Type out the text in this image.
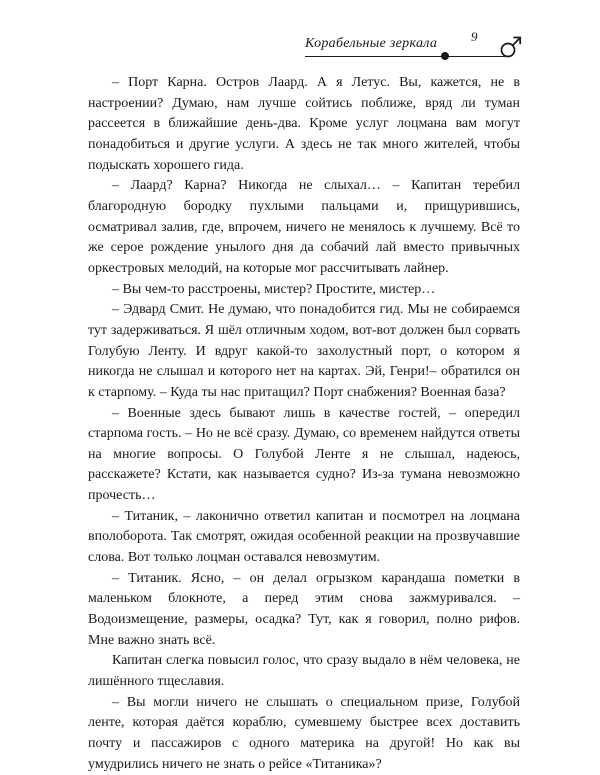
Корабельные зеркала	9

– Порт Карна. Остров Лаард. А я Летус. Вы, кажется, не в настроении? Думаю, нам лучше сойтись поближе, вряд ли туман рассеется в ближайшие день-два. Кроме услуг лоцмана вам могут понадобиться и другие услуги. А здесь не так много жителей, чтобы подыскать хорошего гида.

– Лаард? Карна? Никогда не слыхал… – Капитан теребил благородную бородку пухлыми пальцами и, прищурившись, осматривал залив, где, впрочем, ничего не менялось к лучшему. Всё то же серое рождение унылого дня да собачий лай вместо привычных оркестровых мелодий, на которые мог рассчитывать лайнер.

– Вы чем-то расстроены, мистер? Простите, мистер…

– Эдвард Смит. Не думаю, что понадобится гид. Мы не собираемся тут задерживаться. Я шёл отличным ходом, вот-вот должен был сорвать Голубую Ленту. И вдруг какой-то захолустный порт, о котором я никогда не слышал и которого нет на картах. Эй, Генри!– обратился он к старпому. – Куда ты нас притащил? Порт снабжения? Военная база?

– Военные здесь бывают лишь в качестве гостей, – опередил старпома гость. – Но не всё сразу. Думаю, со временем найдутся ответы на многие вопросы. О Голубой Ленте я не слышал, надеюсь, расскажете? Кстати, как называется судно? Из-за тумана невозможно прочесть…

– Титаник, – лаконично ответил капитан и посмотрел на лоцмана вполоборота. Так смотрят, ожидая особенной реакции на прозвучавшие слова. Вот только лоцман оставался невозмутим.

– Титаник. Ясно, – он делал огрызком карандаша пометки в маленьком блокноте, а перед этим снова зажмуривался. – Водоизмещение, размеры, осадка? Тут, как я говорил, полно рифов. Мне важно знать всё.

Капитан слегка повысил голос, что сразу выдало в нём человека, не лишённого тщеславия.

– Вы могли ничего не слышать о специальном призе, Голубой ленте, которая даётся кораблю, сумевшему быстрее всех доставить почту и пассажиров с одного материка на другой! Но как вы умудрились ничего не знать о рейсе «Титаника»?
